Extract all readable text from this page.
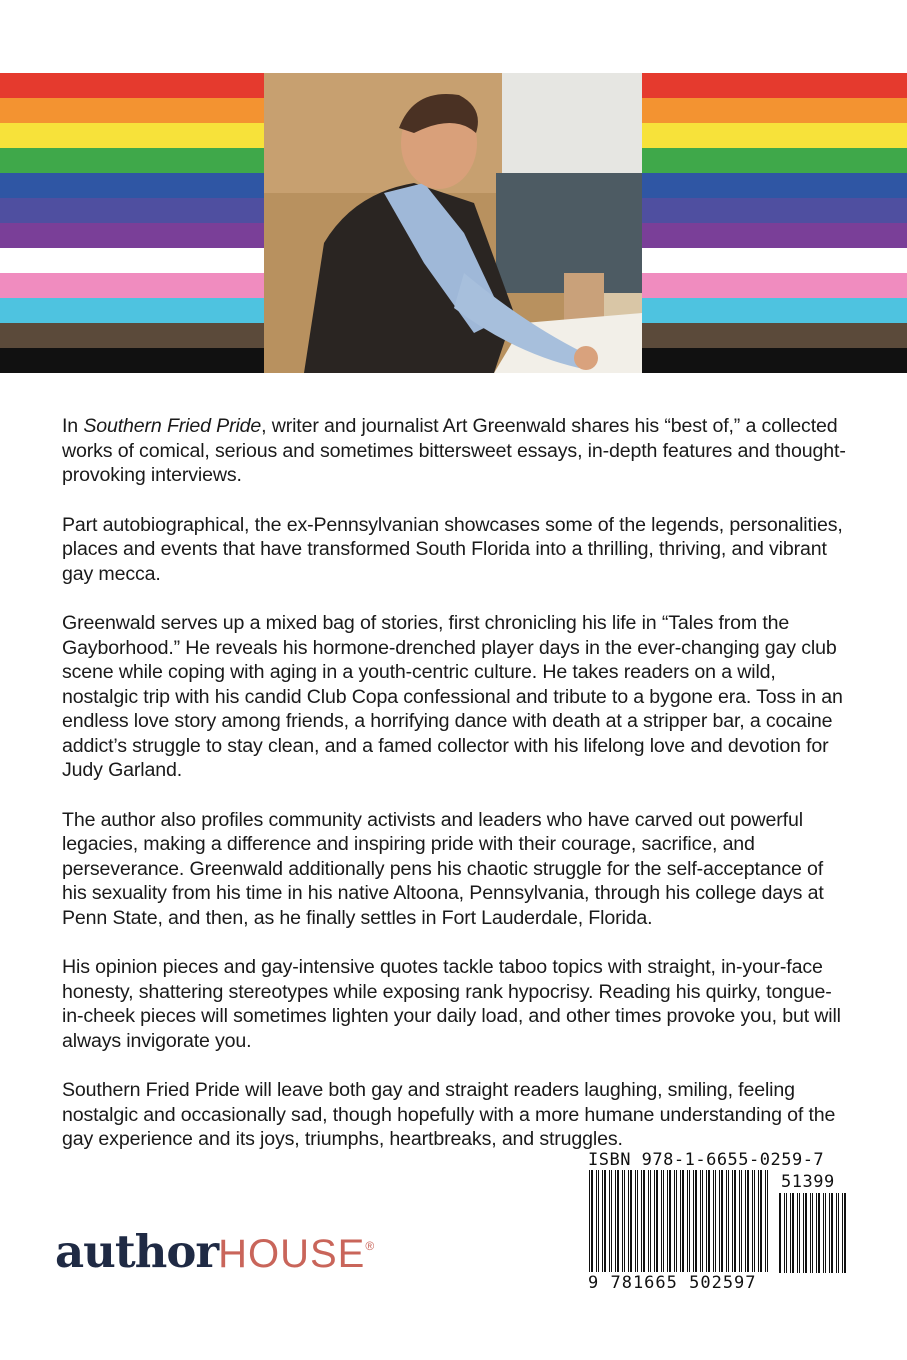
In Southern Fried Pride, writer and journalist Art Greenwald shares his “best of,” a collected works of comical, serious and sometimes bittersweet essays, in-depth features and thought-provoking interviews.

Part autobiographical, the ex-Pennsylvanian showcases some of the legends, personalities, places and events that have transformed South Florida into a thrilling, thriving, and vibrant gay mecca.

Greenwald serves up a mixed bag of stories, first chronicling his life in “Tales from the Gayborhood.” He reveals his hormone-drenched player days in the ever-changing gay club scene while coping with aging in a youth-centric culture. He takes readers on a wild, nostalgic trip with his candid Club Copa confessional and tribute to a bygone era. Toss in an endless love story among friends, a horrifying dance with death at a stripper bar, a cocaine addict’s struggle to stay clean, and a famed collector with his lifelong love and devotion for Judy Garland.

The author also profiles community activists and leaders who have carved out powerful legacies, making a difference and inspiring pride with their courage, sacrifice, and perseverance. Greenwald additionally pens his chaotic struggle for the self-acceptance of his sexuality from his time in his native Altoona, Pennsylvania, through his college days at Penn State, and then, as he finally settles in Fort Lauderdale, Florida.

His opinion pieces and gay-intensive quotes tackle taboo topics with straight, in-your-face honesty, shattering stereotypes while exposing rank hypocrisy. Reading his quirky, tongue-in-cheek pieces will sometimes lighten your daily load, and other times provoke you, but will always invigorate you.

Southern Fried Pride will leave both gay and straight readers laughing, smiling, feeling nostalgic and occasionally sad, though hopefully with a more humane understanding of the gay experience and its joys, triumphs, heartbreaks, and struggles.

authorHOUSE®
ISBN 978-1-6655-0259-7
51399
9 781665 502597
